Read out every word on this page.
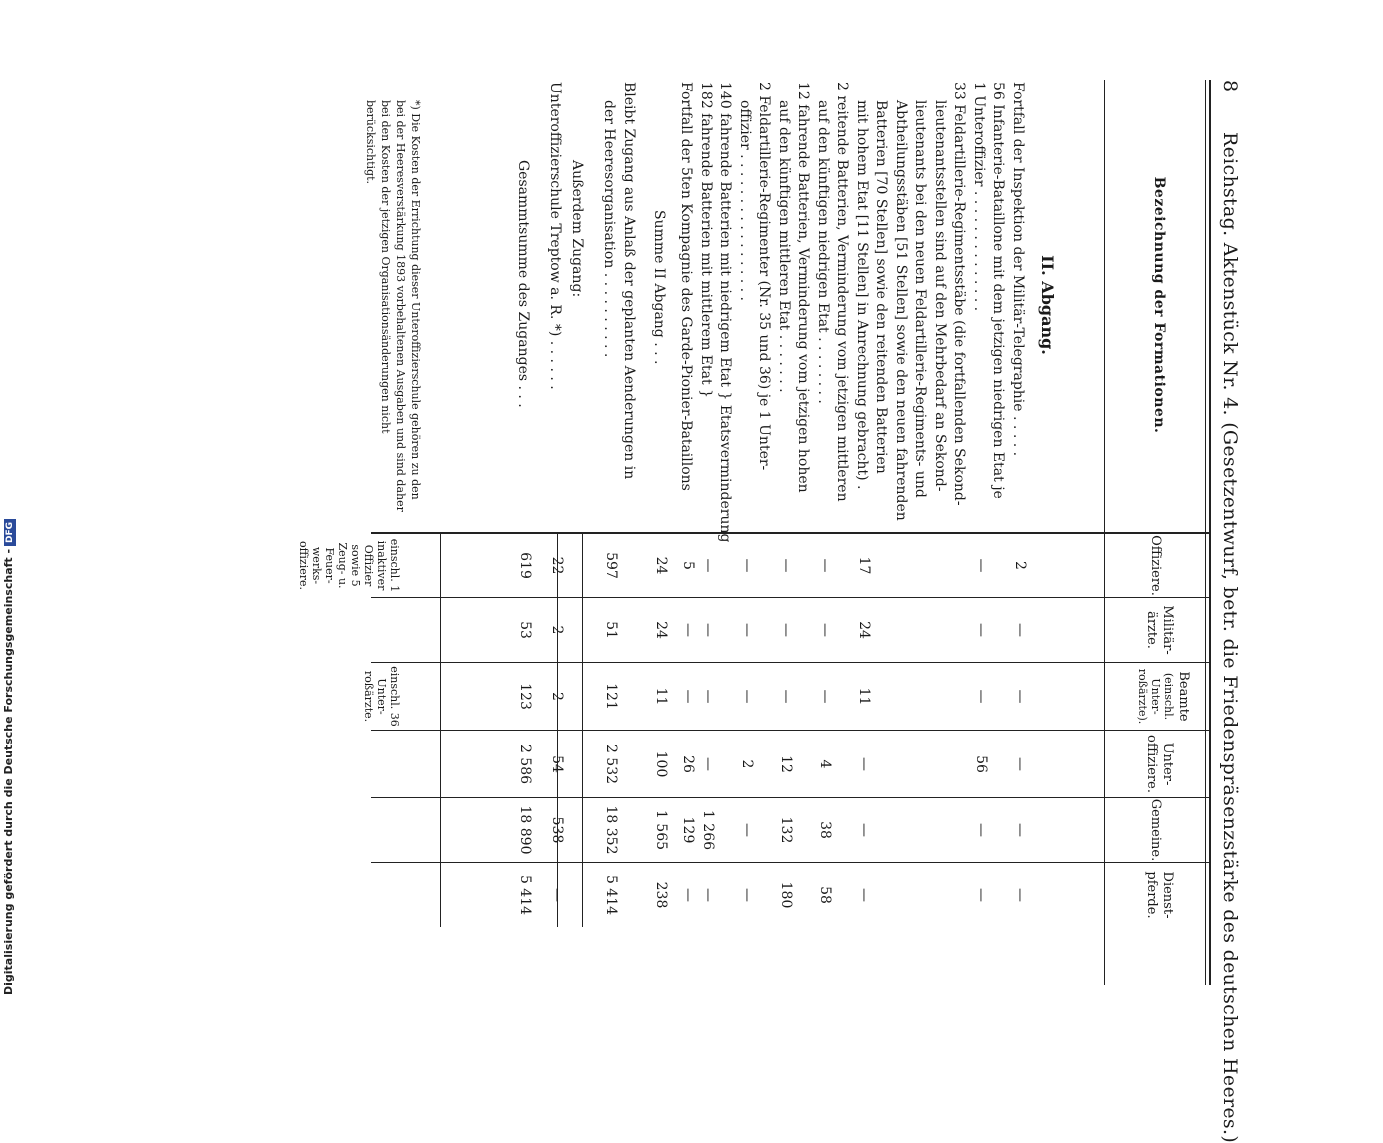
8
Reichstag. Aktenstück Nr. 4. (Gesetzentwurf, betr. die Friedenspräsenzstärke des deutschen Heeres.)
Bezeichnung der Formationen.
Offiziere.
Militär-ärzte.
Beamte
(einschl. Unter-roßärzte).
Unter-offiziere.
Gemeine.
Dienst-pferde.
II. Abgang.
einschl. 1 inaktiver Offizier sowie 5 Zeug- u. Feuer-werks-offiziere.
einschl. 36 Unter-roßärzte.
*) Die Kosten der Errichtung dieser Unteroffizierschule gehören zu den bei der Heeresverstärkung 1893 vorbehaltenen Ausgaben und sind daher bei den Kosten der jetzigen Organisationsänderungen nicht berücksichtigt.	Fortfall der Inspektion der Militär-Telegraphie . . . . .
2
—
—
—
—
—
56 Infanterie-Bataillone mit dem jetzigen niedrigen Etat je
1 Unteroffizier . . . . . . . . . . . . . .
—
—
—
56
—
—
33 Feldartillerie-Regimentsstäbe (die fortfallenden Sekond-
lieutenantsstellen sind auf den Mehrbedarf an Sekond-
lieutenants bei den neuen Feldartillerie-Regiments- und
Abtheilungsstäben [51 Stellen] sowie den neuen fahrenden
Batterien [70 Stellen] sowie den reitenden Batterien
mit hohem Etat [11 Stellen] in Anrechnung gebracht) .
17
24
11
—
—
—
2 reitende Batterien, Verminderung vom jetzigen mittleren
auf den künftigen niedrigen Etat . . . . . . . .
—
—
—
4
38
58
12 fahrende Batterien, Verminderung vom jetzigen hohen
auf den künftigen mittleren Etat . . . . . . .
—
—
—
12
132
180
2 Feldartillerie-Regimenter (Nr. 35 und 36) je 1 Unter-
offizier . . . . . . . . . . . . . . . . .
—
—
—
2
—
—
140 fahrende Batterien mit niedrigem Etat } Etatsverminderung
182 fahrende Batterien mit mittlerem Etat }
—
—
—
—
1 266
—
Fortfall der 5ten Kompagnie des Garde-Pionier-Bataillons
5
—
—
26
129
—
Summe II Abgang . . .
24
24
11
100
1 565
238
Bleibt Zugang aus Anlaß der geplanten Aenderungen in
der Heeresorganisation . . . . . . . . . .
597
51
121
2 532
18 352
5 414
Außerdem Zugang:
Unteroffizierschule Treptow a. R. *) . . . . . .
22
2
2
54
538
—
Gesammtsumme des Zuganges . . .
619
53
123
2 586
18 890
5 414
Digitalisierung gefördert durch die Deutsche Forschungsgemeinschaft -DFG
